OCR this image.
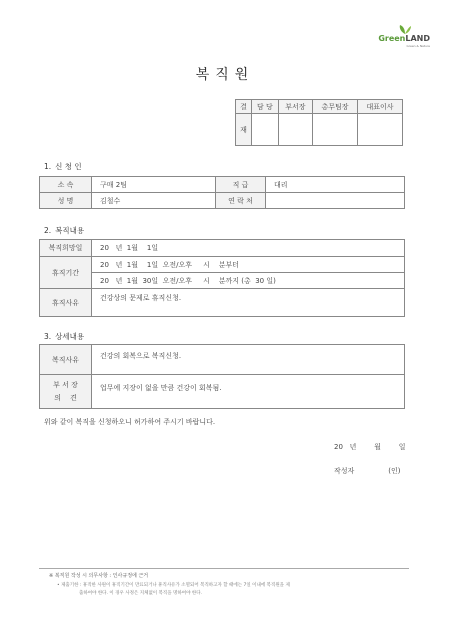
GreenLAND
Green & Nature
복직원
결	담 당	부서장	총무팀장	대표이사
재				
1. 신 청 인
소 속	구매 2팀	직 급	대리
성 명	김철수	연 락 처	
2. 복직내용
복직희망일	20   년  1월    1일
휴직기간	20   년  1월    1일  오전/오후     시    분부터
	20   년  1월  30일  오전/오후     시    분까지 (총  30 일)
휴직사유	건강상의 문제로 휴직신청.
3. 상세내용
복직사유	건강의 회복으로 복직신청.

부 서 장
의    견	업무에 지장이 없을 만큼 건강이 회복됨.
위와 같이 복직을 신청하오니 허가하여 주시기 바랍니다.
20   년        월        일
작성자	(인)
※ 복직원 작성 시 의무사항 : 인사규정에 근거
• 제출기한 : 휴직한 사원이 휴직기간이 만료되거나 휴직사유가 소멸되어 복직하고자 할 때에는 7일 이내에 복직원을 제
출하여야 한다. 이 경우 사정은 지체없이 복직을 명하여야 한다.
